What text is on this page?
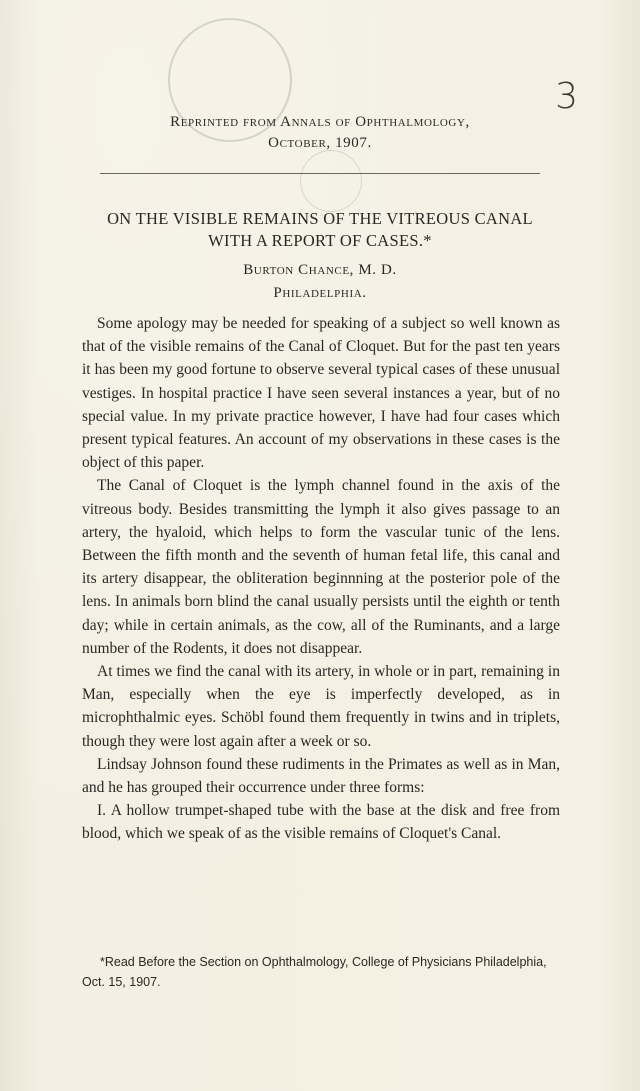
3
Reprinted from Annals of Ophthalmology,
October, 1907.
ON THE VISIBLE REMAINS OF THE VITREOUS CANAL
WITH A REPORT OF CASES.*
Burton Chance, M. D.
Philadelphia.

Some apology may be needed for speaking of a subject so well known as that of the visible remains of the Canal of Cloquet. But for the past ten years it has been my good fortune to observe several typical cases of these unusual vestiges. In hospital practice I have seen several instances a year, but of no special value. In my private practice however, I have had four cases which present typical features. An account of my observations in these cases is the object of this paper.

The Canal of Cloquet is the lymph channel found in the axis of the vitreous body. Besides transmitting the lymph it also gives passage to an artery, the hyaloid, which helps to form the vascular tunic of the lens. Between the fifth month and the seventh of human fetal life, this canal and its artery disappear, the obliteration beginnning at the posterior pole of the lens. In animals born blind the canal usually persists until the eighth or tenth day; while in certain animals, as the cow, all of the Ruminants, and a large number of the Rodents, it does not disappear.

At times we find the canal with its artery, in whole or in part, remaining in Man, especially when the eye is imperfectly developed, as in microphthalmic eyes. Schöbl found them frequently in twins and in triplets, though they were lost again after a week or so.

Lindsay Johnson found these rudiments in the Primates as well as in Man, and he has grouped their occurrence under three forms:

I. A hollow trumpet-shaped tube with the base at the disk and free from blood, which we speak of as the visible remains of Cloquet's Canal.

*Read Before the Section on Ophthalmology, College of Physicians Philadelphia, Oct. 15, 1907.
